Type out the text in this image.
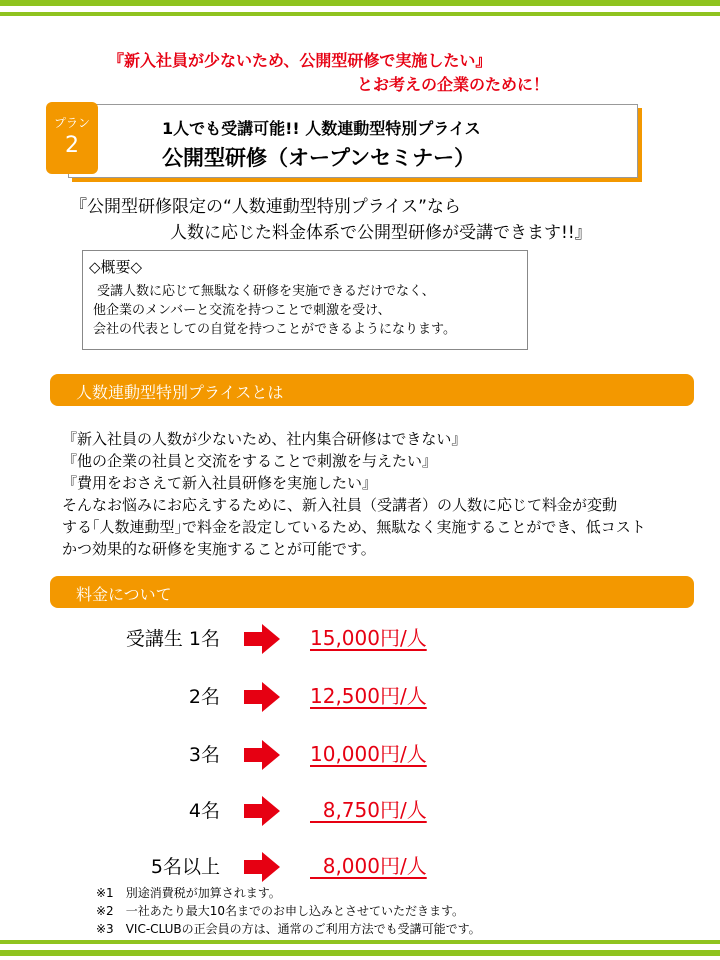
『新入社員が少ないため、公開型研修で実施したい』
とお考えの企業のために！
プラン
2
1人でも受講可能!! 人数連動型特別プライス
公開型研修（オープンセミナー）
『公開型研修限定の“人数連動型特別プライス”なら
人数に応じた料金体系で公開型研修が受講できます!!』
◇概要◇
受講人数に応じて無駄なく研修を実施できるだけでなく、
他企業のメンバーと交流を持つことで刺激を受け、
会社の代表としての自覚を持つことができるようになります。
人数連動型特別プライスとは
『新入社員の人数が少ないため、社内集合研修はできない』
『他の企業の社員と交流をすることで刺激を与えたい』
『費用をおさえて新入社員研修を実施したい』
そんなお悩みにお応えするために、新入社員（受講者）の人数に応じて料金が変動
する｢人数連動型｣で料金を設定しているため、無駄なく実施することができ、低コスト
かつ効果的な研修を実施することが可能です。
料金について
受講生 1名	15,000円/人
2名	12,500円/人
3名	10,000円/人
4名	8,750円/人
5名以上	8,000円/人
※1　別途消費税が加算されます。
※2　一社あたり最大10名までのお申し込みとさせていただきます。
※3　VIC-CLUBの正会員の方は、通常のご利用方法でも受講可能です。
